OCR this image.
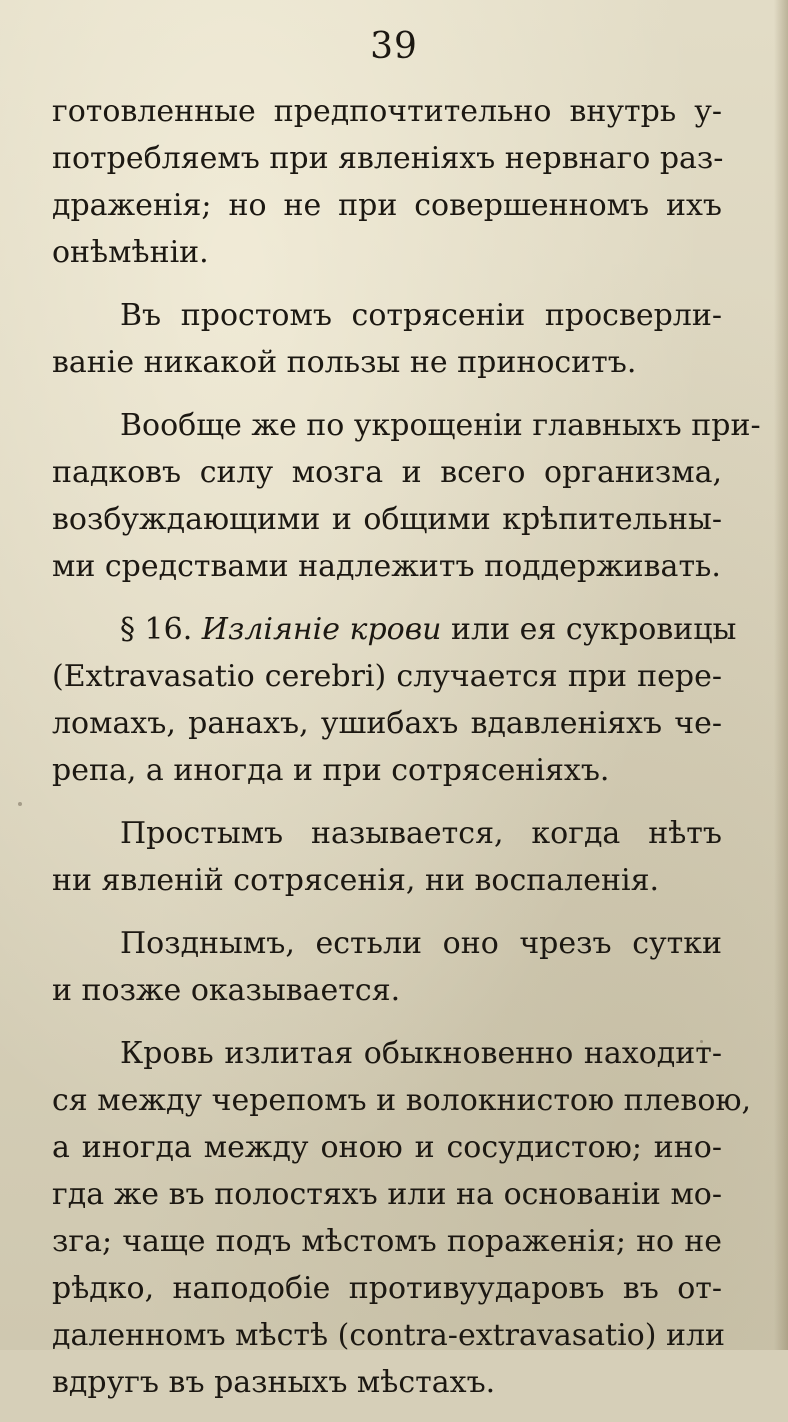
39
готовленные предпочтительно внутрь у-
потребляемъ при явленiяхъ нервнаго раз-
драженiя; но не при совершенномъ ихъ
онѣмѣнiи.
Въ простомъ сотрясенiи просверли-
ванiе никакой пользы не приноситъ.
Вообще же по укрощенiи главныхъ при-
падковъ силу мозга и всего организма,
возбуждающими и общими крѣпительны-
ми средствами надлежитъ поддерживать.
§ 16. Излiянiе крови или ея сукровицы
(Extravasatio cerebri) случается при пере-
ломахъ, ранахъ, ушибахъ вдавленiяхъ че-
репа, а иногда и при сотрясенiяхъ.
Простымъ называется, когда нѣтъ
ни явленiй сотрясенiя, ни воспаленiя.
Позднымъ, естьли оно чрезъ сутки
и позже оказывается.
Кровь излитая обыкновенно находит-
ся между черепомъ и волокнистою плевою,
а иногда между оною и сосудистою; ино-
гда же въ полостяхъ или на основанiи мо-
зга; чаще подъ мѣстомъ пораженiя; но не
рѣдко, наподобiе противуударовъ въ от-
даленномъ мѣстѣ (contra-extravasatio) или
вдругъ въ разныхъ мѣстахъ.
